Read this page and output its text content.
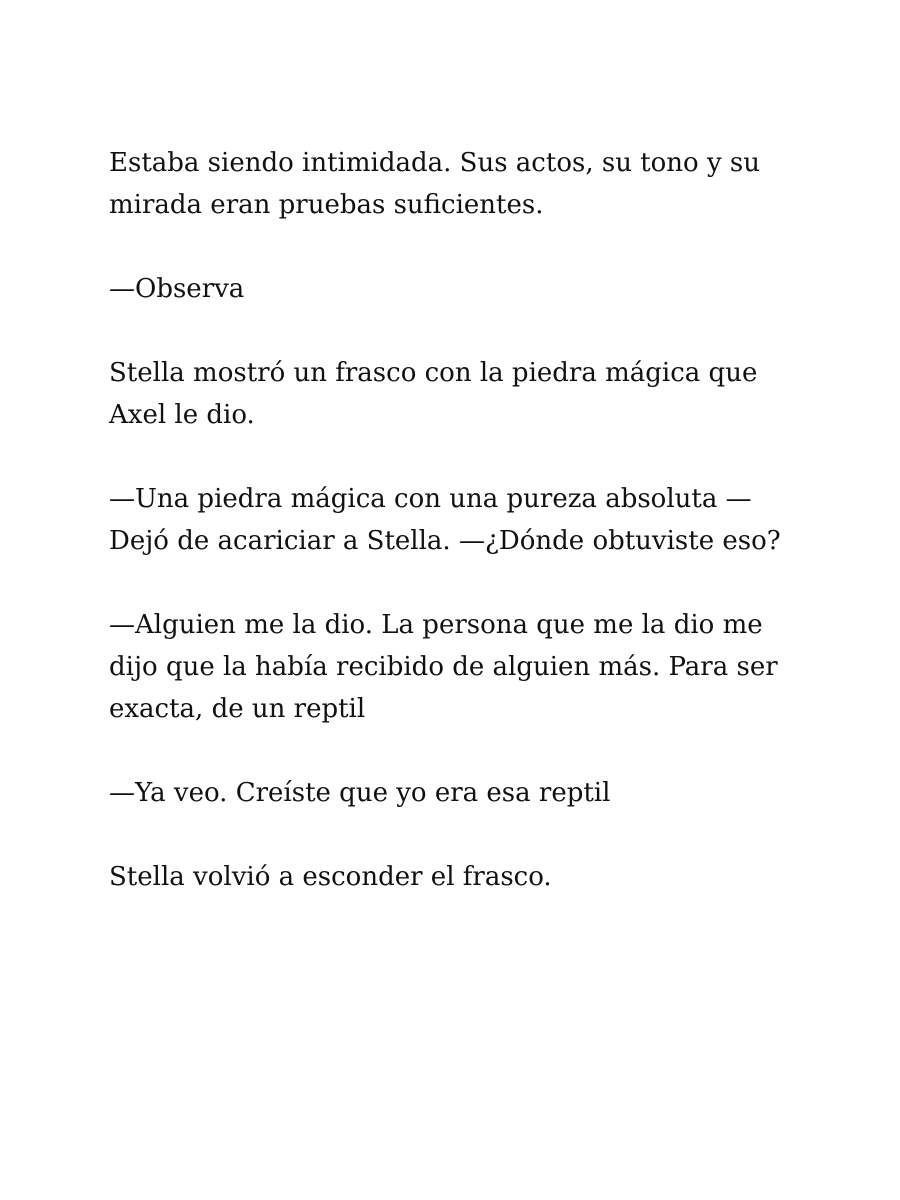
Estaba siendo intimidada. Sus actos, su tono y su mirada eran pruebas suficientes.

—Observa

Stella mostró un frasco con la piedra mágica que Axel le dio.

—Una piedra mágica con una pureza absoluta —Dejó de acariciar a Stella. —¿Dónde obtuviste eso?

—Alguien me la dio. La persona que me la dio me dijo que la había recibido de alguien más. Para ser exacta, de un reptil

—Ya veo. Creíste que yo era esa reptil

Stella volvió a esconder el frasco.
